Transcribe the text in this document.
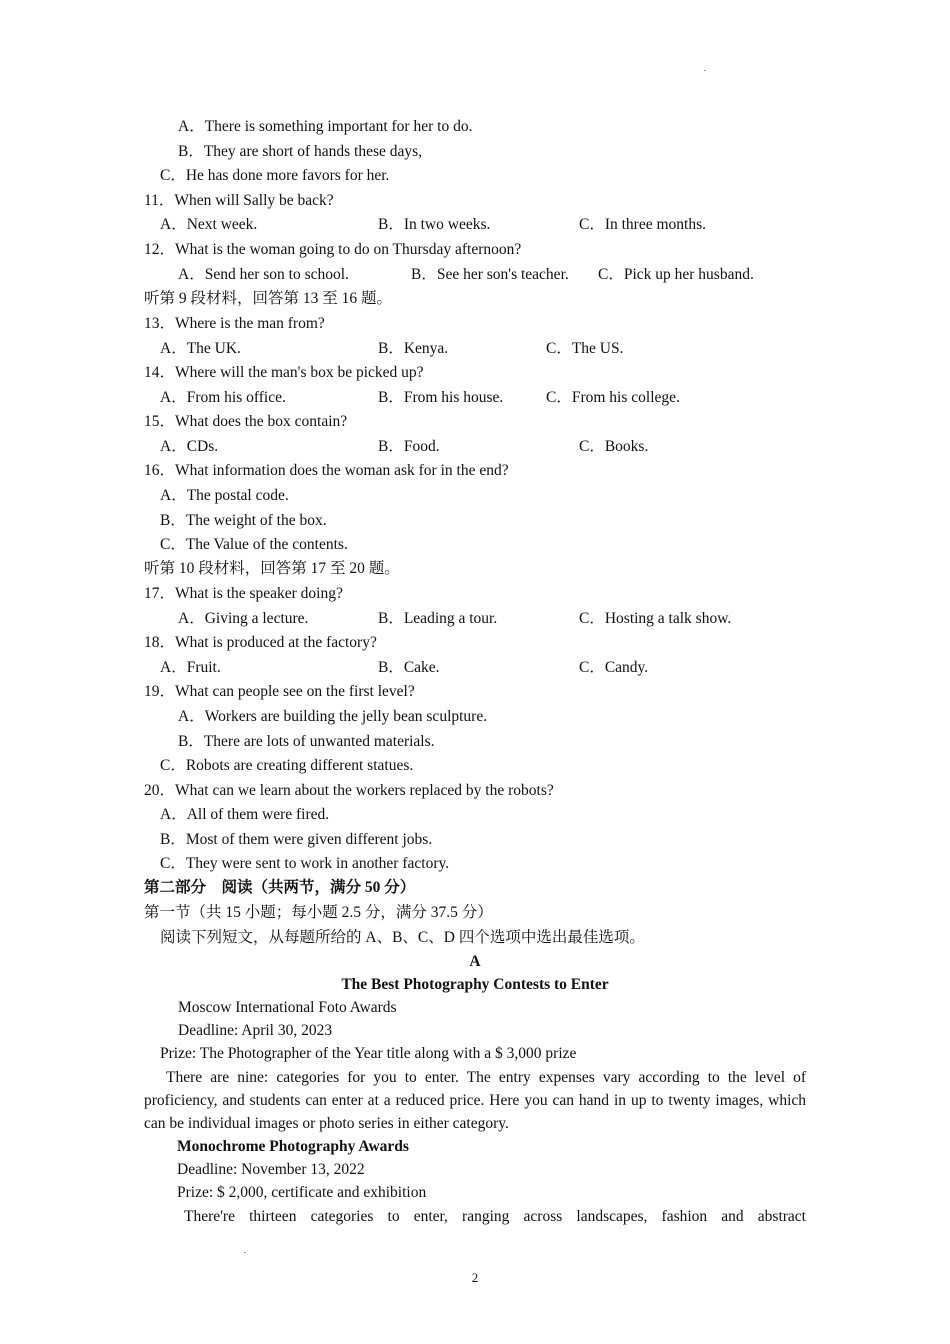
A．There is something important for her to do.
B．They are short of hands these days,
C．He has done more favors for her.
11．When will Sally be back?
A．Next week.	B．In two weeks.	C．In three months.
12．What is the woman going to do on Thursday afternoon?
A．Send her son to school.	B．See her son's teacher. C．Pick up her husband.
听第 9 段材料，回答第 13 至 16 题。
13．Where is the man from?
A．The UK.	B．Kenya.	C．The US.
14．Where will the man's box be picked up?
A．From his office.	B．From his house.	C．From his college.
15．What does the box contain?
A．CDs.	B．Food.	C．Books.
16．What information does the woman ask for in the end?
A．The postal code.
B．The weight of the box.
C．The Value of the contents.
听第 10 段材料，回答第 17 至 20 题。
17．What is the speaker doing?
A．Giving a lecture.	B．Leading a tour.	C．Hosting a talk show.
18．What is produced at the factory?
A．Fruit.	B．Cake.	C．Candy.
19．What can people see on the first level?
A．Workers are building the jelly bean sculpture.
B．There are lots of unwanted materials.
C．Robots are creating different statues.
20．What can we learn about the workers replaced by the robots?
A．All of them were fired.
B．Most of them were given different jobs.
C．They were sent to work in another factory.
第二部分　阅读（共两节，满分 50 分）
第一节（共 15 小题；每小题 2.5 分，满分 37.5 分）
阅读下列短文，从每题所给的 A、B、C、D 四个选项中选出最佳选项。
A
The Best Photography Contests to Enter
Moscow International Foto Awards
Deadline: April 30, 2023
Prize: The Photographer of the Year title along with a $ 3,000 prize
There are nine: categories for you to enter. The entry expenses vary according to the level of proficiency, and students can enter at a reduced price. Here you can hand in up to twenty images, which can be individual images or photo series in either category.
Monochrome Photography Awards
Deadline: November 13, 2022
Prize: $ 2,000, certificate and exhibition
There're thirteen categories to enter, ranging across landscapes, fashion and abstract
2
